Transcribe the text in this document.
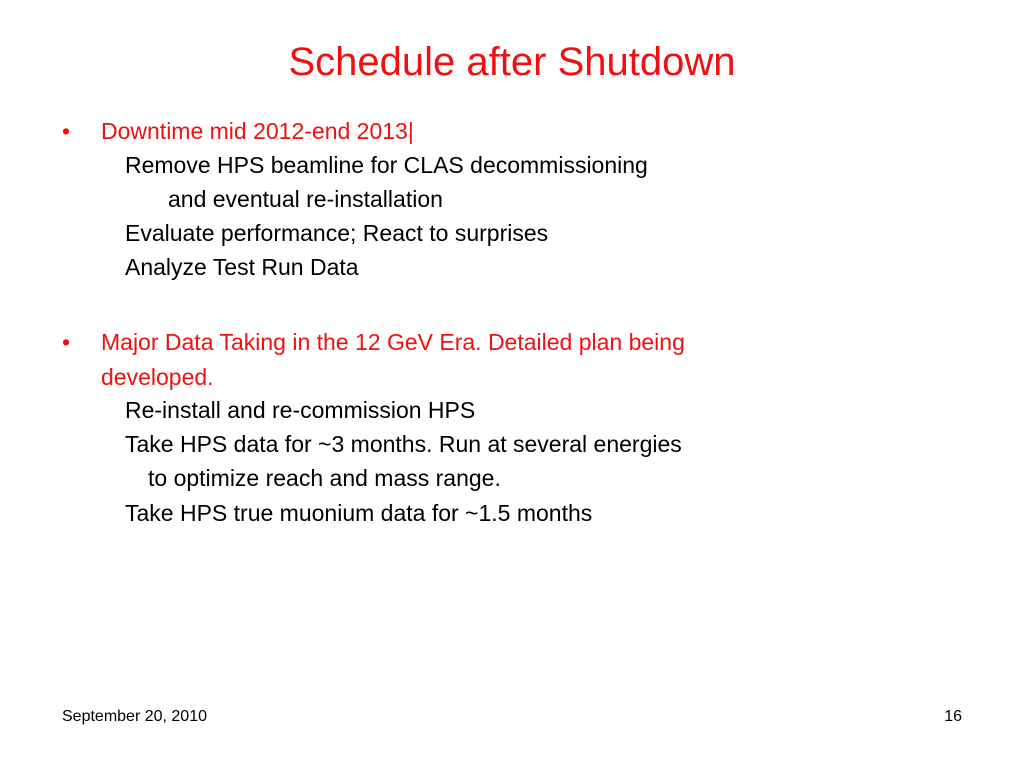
Schedule after Shutdown
• Downtime mid 2012-end 2013|
Remove HPS beamline for CLAS decommissioning
and eventual re-installation
Evaluate performance; React to surprises
Analyze Test Run Data
• Major Data Taking in the 12 GeV Era. Detailed plan being
developed.
Re-install and re-commission HPS
Take HPS data for ~3 months. Run at several energies
to optimize reach and mass range.
Take HPS true muonium data for ~1.5 months
September 20, 2010	16
